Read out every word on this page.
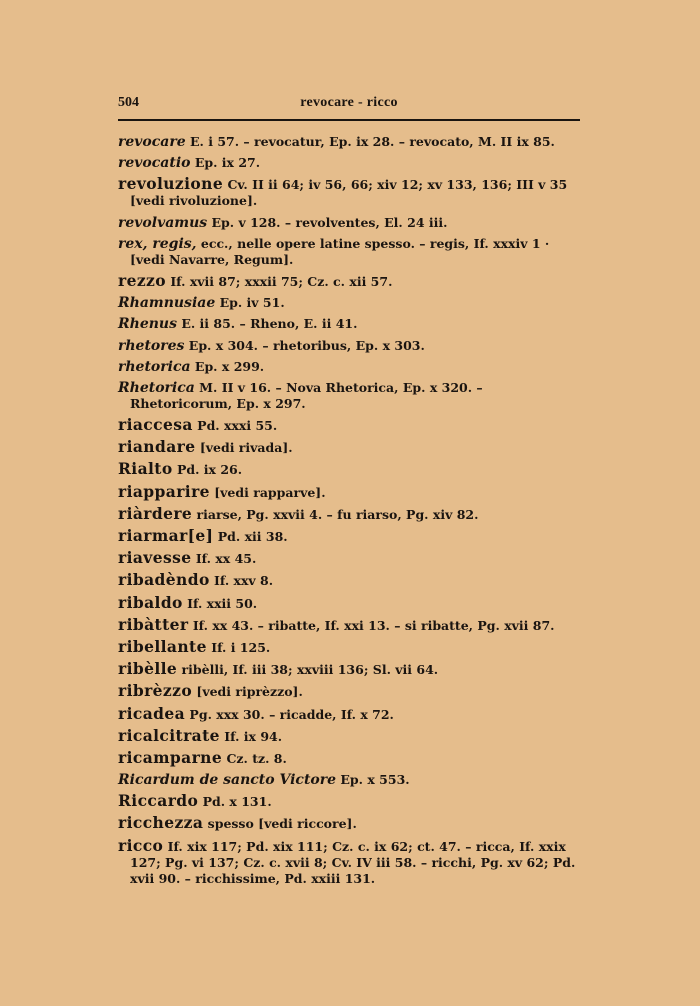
504	revocare - ricco
revocare E. i 57. – revocatur, Ep. ix 28. – revocato, M. II ix 85.
revocatio Ep. ix 27.
revoluzione Cv. II ii 64; iv 56, 66; xiv 12; xv 133, 136; III v 35 [vedi rivoluzione].
revolvamus Ep. v 128. – revolventes, El. 24 iii.
rex, regis, ecc., nelle opere latine spesso. – regis, If. xxxiv 1 · [vedi Navarre, Regum].
rezzo If. xvii 87; xxxii 75; Cz. c. xii 57.
Rhamnusiae Ep. iv 51.
Rhenus E. ii 85. – Rheno, E. ii 41.
rhetores Ep. x 304. – rhetoribus, Ep. x 303.
rhetorica Ep. x 299.
Rhetorica M. II v 16. – Nova Rhetorica, Ep. x 320. – Rhetoricorum, Ep. x 297.
riaccesa Pd. xxxi 55.
riandare [vedi rivada].
Rialto Pd. ix 26.
riapparire [vedi rapparve].
riàrdere riarse, Pg. xxvii 4. – fu riarso, Pg. xiv 82.
riarmar[e] Pd. xii 38.
riavesse If. xx 45.
ribadèndo If. xxv 8.
ribaldo If. xxii 50.
ribàtter If. xx 43. – ribatte, If. xxi 13. – si ribatte, Pg. xvii 87.
ribellante If. i 125.
ribèlle ribèlli, If. iii 38; xxviii 136; Sl. vii 64.
ribrèzzo [vedi riprèzzo].
ricadea Pg. xxx 30. – ricadde, If. x 72.
ricalcitrate If. ix 94.
ricamparne Cz. tz. 8.
Ricardum de sancto Victore Ep. x 553.
Riccardo Pd. x 131.
ricchezza spesso [vedi riccore].
ricco If. xix 117; Pd. xix 111; Cz. c. ix 62; ct. 47. – ricca, If. xxix 127; Pg. vi 137; Cz. c. xvii 8; Cv. IV iii 58. – ricchi, Pg. xv 62; Pd. xvii 90. – ricchissime, Pd. xxiii 131.
